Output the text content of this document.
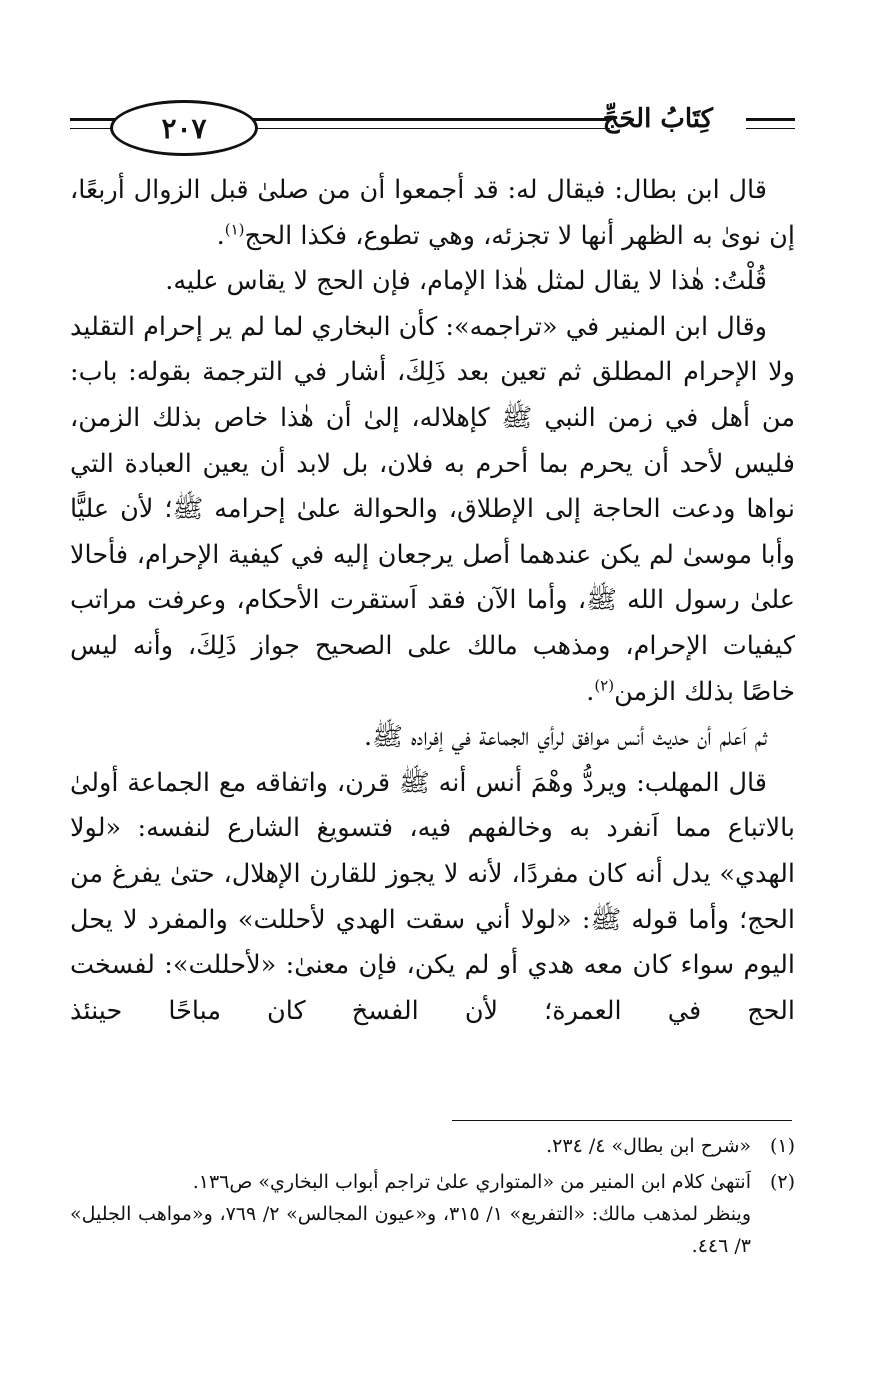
٢٠٧	كِتَابُ الحَجِّ

قال ابن بطال: فيقال له: قد أجمعوا أن من صلىٰ قبل الزوال أربعًا، إن نوىٰ به الظهر أنها لا تجزئه، وهي تطوع، فكذا الحج$^{(١)}$.

قُلْتُ: هٰذا لا يقال لمثل هٰذا الإمام، فإن الحج لا يقاس عليه.

وقال ابن المنير في «تراجمه»: كأن البخاري لما لم ير إحرام التقليد ولا الإحرام المطلق ثم تعين بعد ذَلِكَ، أشار في الترجمة بقوله: باب: من أهل في زمن النبي ﷺ كإهلاله، إلىٰ أن هٰذا خاص بذلك الزمن، فليس لأحد أن يحرم بما أحرم به فلان، بل لابد أن يعين العبادة التي نواها ودعت الحاجة إلى الإطلاق، والحوالة علىٰ إحرامه ﷺ؛ لأن عليًّا وأبا موسىٰ لم يكن عندهما أصل يرجعان إليه في كيفية الإحرام، فأحالا علىٰ رسول الله ﷺ، وأما الآن فقد اَستقرت الأحكام، وعرفت مراتب كيفيات الإحرام، ومذهب مالك على الصحيح جواز ذَلِكَ، وأنه ليس خاصًا بذلك الزمن$^{(٢)}$.

ثم اَعلم أن حديث أنس موافق لرأي الجماعة في إفراده ﷺ.

قال المهلب: ويردُّ وهْمَ أنس أنه ﷺ قرن، واتفاقه مع الجماعة أولىٰ بالاتباع مما اَنفرد به وخالفهم فيه، فتسويغ الشارع لنفسه: «لولا الهدي» يدل أنه كان مفردًا، لأنه لا يجوز للقارن الإهلال، حتىٰ يفرغ من الحج؛ وأما قوله ﷺ: «لولا أني سقت الهدي لأحللت» والمفرد لا يحل اليوم سواء كان معه هدي أو لم يكن، فإن معنىٰ: «لأحللت»: لفسخت الحج في العمرة؛ لأن الفسخ كان مباحًا حينئذ

(١)
«شرح ابن بطال» ٤/ ٢٣٤.
(٢)
اَنتهىٰ كلام ابن المنير من «المتواري علىٰ تراجم أبواب البخاري» ص١٣٦.
وينظر لمذهب مالك: «التفريع» ١/ ٣١٥، و«عيون المجالس» ٢/ ٧٦٩، و«مواهب الجليل» ٣/ ٤٤٦.
